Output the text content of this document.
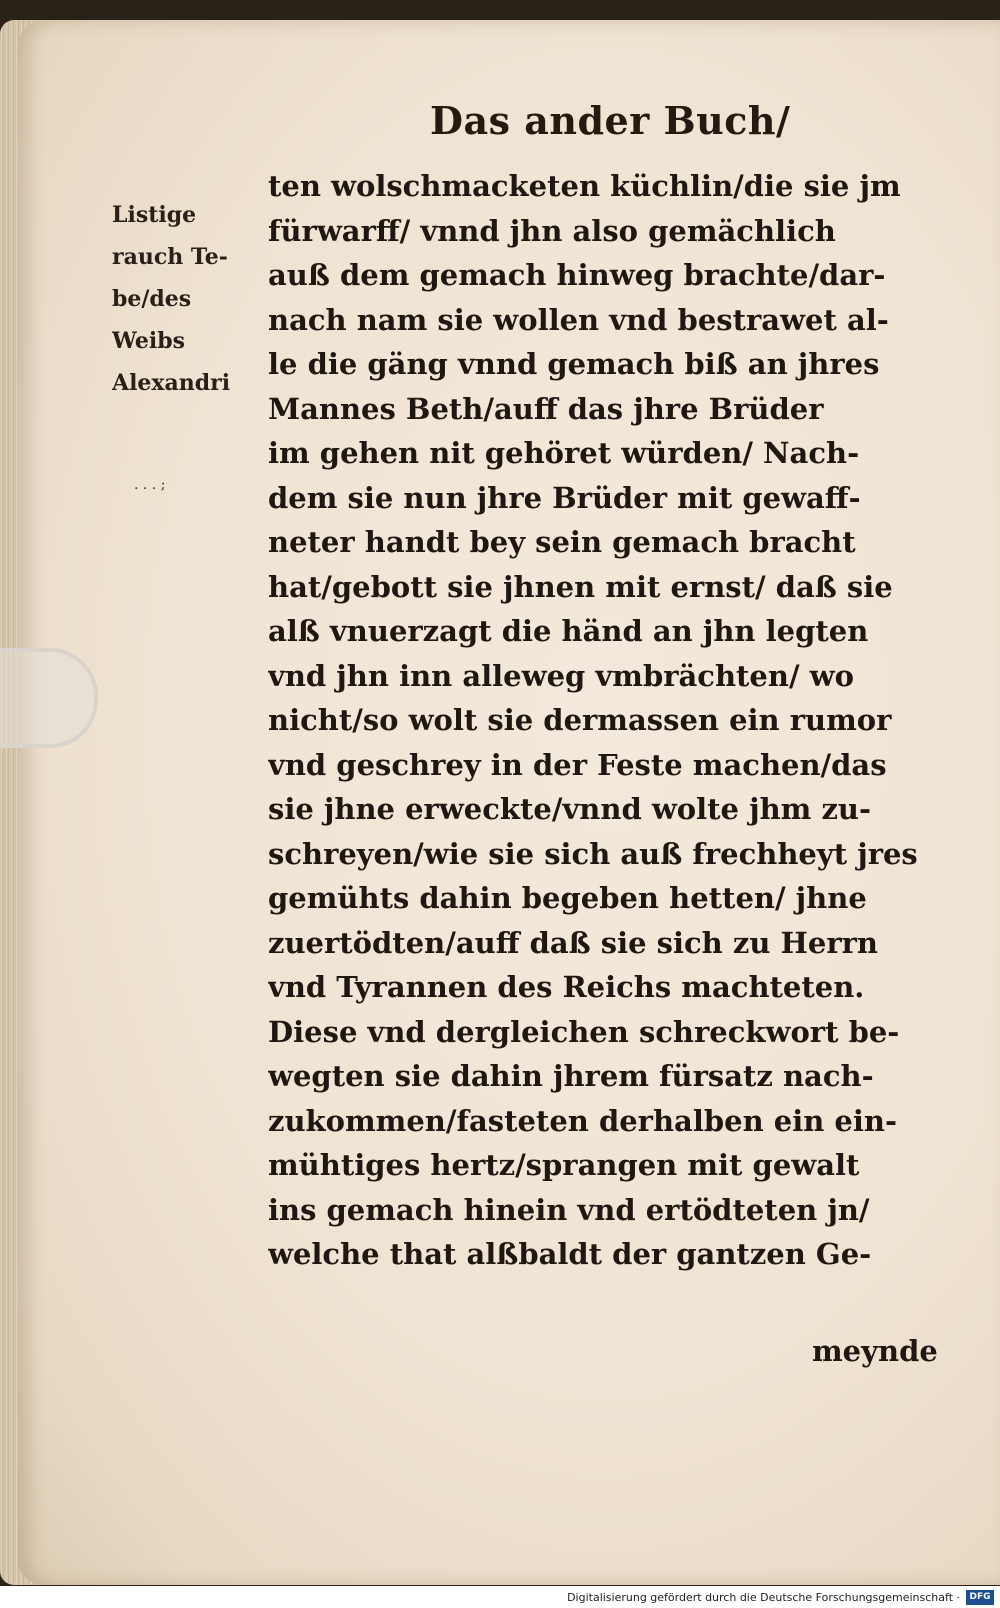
Das ander Buch/
Listige
rauch Te-
be/des
Weibs
Alexandri
. . . ;
ten wolschmacketen küchlin/die sie jm
fürwarff/ vnnd jhn also gemächlich
auß dem gemach hinweg brachte/dar-
nach nam sie wollen vnd bestrawet al-
le die gäng vnnd gemach biß an jhres
Mannes Beth/auff das jhre Brüder
im gehen nit gehöret würden/ Nach-
dem sie nun jhre Brüder mit gewaff-
neter handt bey sein gemach bracht
hat/gebott sie jhnen mit ernst/ daß sie
alß vnuerzagt die händ an jhn legten
vnd jhn inn alleweg vmbrächten/ wo
nicht/so wolt sie dermassen ein rumor
vnd geschrey in der Feste machen/das
sie jhne erweckte/vnnd wolte jhm zu-
schreyen/wie sie sich auß frechheyt jres
gemühts dahin begeben hetten/ jhne
zuertödten/auff daß sie sich zu Herrn
vnd Tyrannen des Reichs machteten.
Diese vnd dergleichen schreckwort be-
wegten sie dahin jhrem fürsatz nach-
zukommen/fasteten derhalben ein ein-
mühtiges hertz/sprangen mit gewalt
ins gemach hinein vnd ertödteten jn/
welche that alßbaldt der gantzen Ge-
meynde
Digitalisierung gefördert durch die Deutsche Forschungsgemeinschaft ·	DFG
